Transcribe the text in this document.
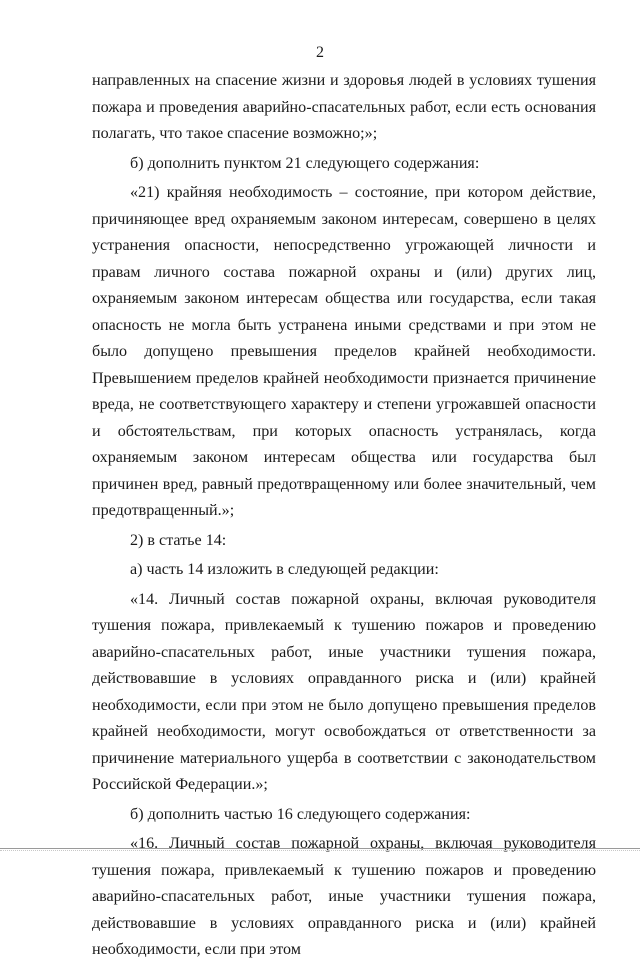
2

направленных на спасение жизни и здоровья людей в условиях тушения пожара и проведения аварийно-спасательных работ, если есть основания полагать, что такое спасение возможно;»;

б) дополнить пунктом 21 следующего содержания:

«21) крайняя необходимость – состояние, при котором действие, причиняющее вред охраняемым законом интересам, совершено в целях устранения опасности, непосредственно угрожающей личности и правам личного состава пожарной охраны и (или) других лиц, охраняемым законом интересам общества или государства, если такая опасность не могла быть устранена иными средствами и при этом не было допущено превышения пределов крайней необходимости. Превышением пределов крайней необходимости признается причинение вреда, не соответствующего характеру и степени угрожавшей опасности и обстоятельствам, при которых опасность устранялась, когда охраняемым законом интересам общества или государства был причинен вред, равный предотвращенному или более значительный, чем предотвращенный.»;

2) в статье 14:

а) часть 14 изложить в следующей редакции:

«14. Личный состав пожарной охраны, включая руководителя тушения пожара, привлекаемый к тушению пожаров и проведению аварийно-спасательных работ, иные участники тушения пожара, действовавшие в условиях оправданного риска и (или) крайней необходимости, если при этом не было допущено превышения пределов крайней необходимости, могут освобождаться от ответственности за причинение материального ущерба в соответствии с законодательством Российской Федерации.»;

б) дополнить частью 16 следующего содержания:

«16. Личный состав пожарной охраны, включая руководителя тушения пожара, привлекаемый к тушению пожаров и проведению аварийно-спасательных работ, иные участники тушения пожара, действовавшие в условиях оправданного риска и (или) крайней необходимости, если при этом
